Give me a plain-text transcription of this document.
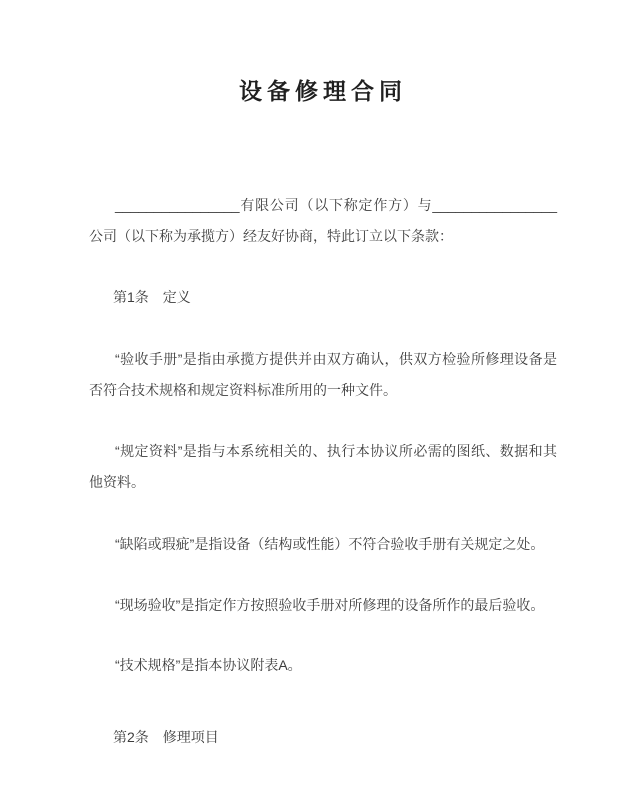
设备修理合同

________________有限公司（以下称定作方）与________________公司（以下称为承揽方）经友好协商，特此订立以下条款：

第1条　定义

“验收手册”是指由承揽方提供并由双方确认，供双方检验所修理设备是否符合技术规格和规定资料标准所用的一种文件。

“规定资料”是指与本系统相关的、执行本协议所必需的图纸、数据和其他资料。

“缺陷或瑕疵”是指设备（结构或性能）不符合验收手册有关规定之处。

“现场验收”是指定作方按照验收手册对所修理的设备所作的最后验收。

“技术规格”是指本协议附表A。

第2条　修理项目
